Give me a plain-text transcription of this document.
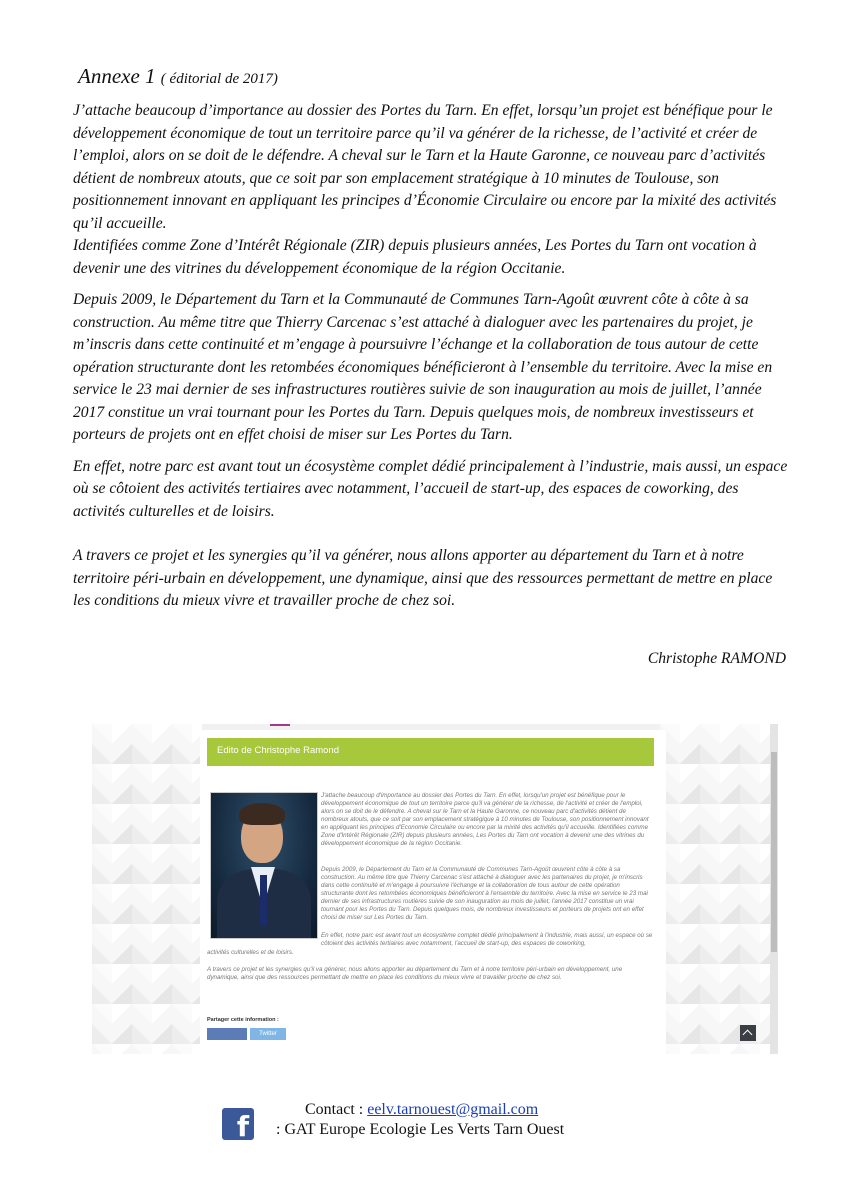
Annexe 1 ( éditorial de 2017)

J’attache beaucoup d’importance au dossier des Portes du Tarn. En effet, lorsqu’un projet est bénéfique pour le développement économique de tout un territoire parce qu’il va générer de la richesse, de l’activité et créer de l’emploi, alors on se doit de le défendre. A cheval sur le Tarn et la Haute Garonne, ce nouveau parc d’activités détient de nombreux atouts, que ce soit par son emplacement stratégique à 10 minutes de Toulouse, son positionnement innovant en appliquant les principes d’Économie Circulaire ou encore par la mixité des activités qu’il accueille.

Identifiées comme Zone d’Intérêt Régionale (ZIR) depuis plusieurs années, Les Portes du Tarn ont vocation à devenir une des vitrines du développement économique de la région Occitanie.

Depuis 2009, le Département du Tarn et la Communauté de Communes Tarn-Agoût œuvrent côte à côte à sa construction. Au même titre que Thierry Carcenac s’est attaché à dialoguer avec les partenaires du projet, je m’inscris dans cette continuité et m’engage à poursuivre l’échange et la collaboration de tous autour de cette opération structurante dont les retombées économiques bénéficieront à l’ensemble du territoire. Avec la mise en service le 23 mai dernier de ses infrastructures routières suivie de son inauguration au mois de juillet, l’année 2017 constitue un vrai tournant pour les Portes du Tarn. Depuis quelques mois, de nombreux investisseurs et porteurs de projets ont en effet choisi de miser sur Les Portes du Tarn.

En effet, notre parc est avant tout un écosystème complet dédié principalement à l’industrie, mais aussi, un espace où se côtoient des activités tertiaires avec notamment, l’accueil de start-up, des espaces de coworking, des activités culturelles et de loisirs.

A travers ce projet et les synergies qu’il va générer, nous allons apporter au département du Tarn et à notre territoire péri-urbain en développement, une dynamique, ainsi que des ressources permettant de mettre en place les conditions du mieux vivre et travailler proche de chez soi.

Christophe RAMOND
Edito de Christophe Ramond
J'attache beaucoup d'importance au dossier des Portes du Tarn. En effet, lorsqu'un projet est bénéfique pour le développement économique de tout un territoire parce qu'il va générer de la richesse, de l'activité et créer de l'emploi, alors on se doit de le défendre. A cheval sur le Tarn et la Haute Garonne, ce nouveau parc d'activités détient de nombreux atouts, que ce soit par son emplacement stratégique à 10 minutes de Toulouse, son positionnement innovant en appliquant les principes d'Economie Circulaire ou encore par la mixité des activités qu'il accueille. Identifiées comme Zone d'Intérêt Régionale (ZIR) depuis plusieurs années, Les Portes du Tarn ont vocation à devenir une des vitrines du développement économique de la région Occitanie.
Depuis 2009, le Département du Tarn et la Communauté de Communes Tarn-Agoût œuvrent côte à côte à sa construction. Au même titre que Thierry Carcenac s'est attaché à dialoguer avec les partenaires du projet, je m'inscris dans cette continuité et m'engage à poursuivre l'échange et la collaboration de tous autour de cette opération structurante dont les retombées économiques bénéficieront à l'ensemble du territoire. Avec la mise en service le 23 mai dernier de ses infrastructures routières suivie de son inauguration au mois de juillet, l'année 2017 constitue un vrai tournant pour les Portes du Tarn. Depuis quelques mois, de nombreux investisseurs et porteurs de projets ont en effet choisi de miser sur Les Portes du Tarn.
En effet, notre parc est avant tout un écosystème complet dédié principalement à l'industrie, mais aussi, un espace où se côtoient des activités tertiaires avec notamment, l'accueil de start-up, des espaces de coworking,
activités culturelles et de loisirs.
A travers ce projet et les synergies qu'il va générer, nous allons apporter au département du Tarn et à notre territoire péri-urbain en développement, une dynamique, ainsi que des ressources permettant de mettre en place les conditions du mieux vivre et travailler proche de chez soi.
Partager cette information :
Twitter
f
Contact : eelv.tarnouest@gmail.com
: GAT Europe Ecologie Les Verts Tarn Ouest
